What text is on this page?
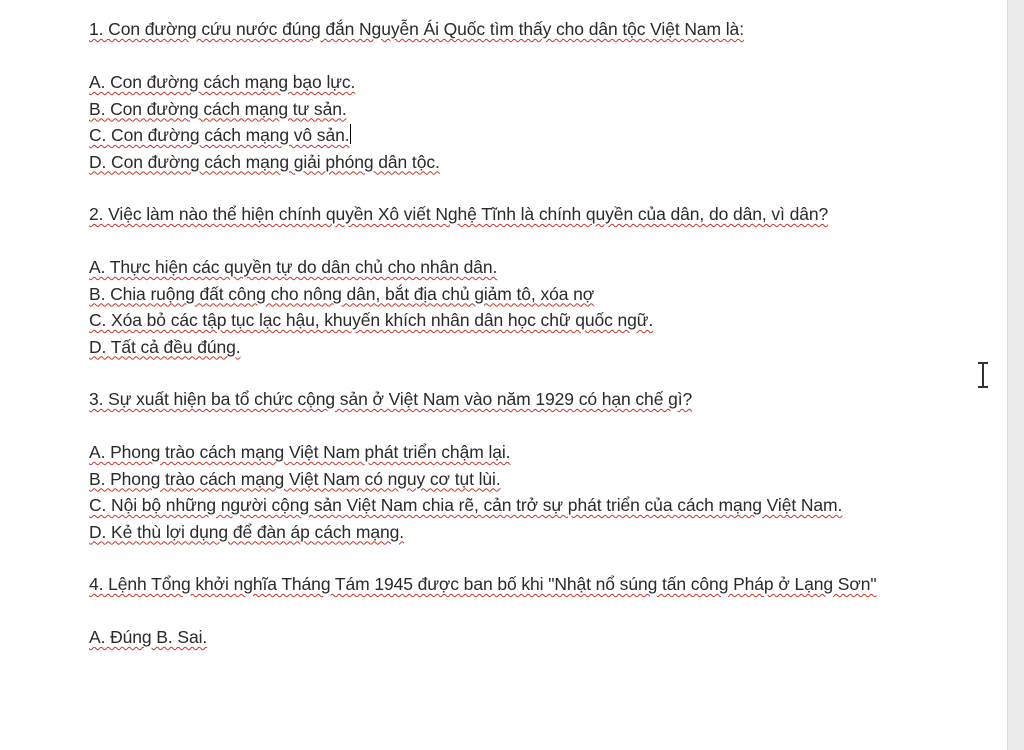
1. Con đường cứu nước đúng đắn Nguyễn Ái Quốc tìm thấy cho dân tộc Việt Nam là:

A. Con đường cách mạng bạo lực.

B. Con đường cách mạng tư sản.

C. Con đường cách mạng vô sản.

D. Con đường cách mạng giải phóng dân tộc.

2. Việc làm nào thể hiện chính quyền Xô viết Nghệ Tĩnh là chính quyền của dân, do dân, vì dân?

A. Thực hiện các quyền tự do dân chủ cho nhân dân.

B. Chia ruộng đất công cho nông dân, bắt địa chủ giảm tô, xóa nợ

C. Xóa bỏ các tập tục lạc hậu, khuyến khích nhân dân học chữ quốc ngữ.

D. Tất cả đều đúng.

3. Sự xuất hiện ba tổ chức cộng sản ở Việt Nam vào năm 1929 có hạn chế gì?

A. Phong trào cách mạng Việt Nam phát triển chậm lại.

B. Phong trào cách mạng Việt Nam có nguy cơ tụt lùi.

C. Nội bộ những người cộng sản Việt Nam chia rẽ, cản trở sự phát triển của cách mạng Việt Nam.

D. Kẻ thù lợi dụng để đàn áp cách mạng.

4. Lệnh Tổng khởi nghĩa Tháng Tám 1945 được ban bố khi "Nhật nổ súng tấn công Pháp ở Lạng Sơn"

A. Đúng B. Sai.
